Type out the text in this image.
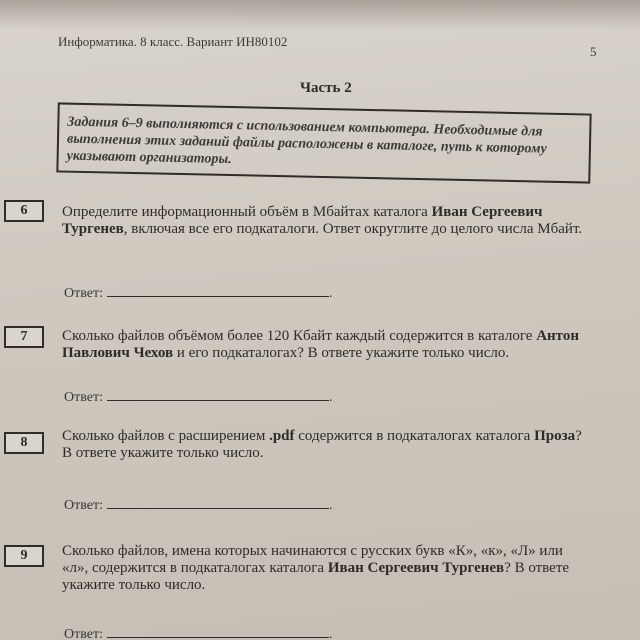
Информатика. 8 класс. Вариант ИН80102
5
Часть 2
Задания 6–9 выполняются с использованием компьютера. Необходимые для выполнения этих заданий файлы расположены в каталоге, путь к которому указывают организаторы.
6	Определите информационный объём в Мбайтах каталога Иван Сергеевич Тургенев, включая все его подкаталоги. Ответ округлите до целого числа Мбайт.
Ответ:	.
7	Сколько файлов объёмом более 120 Кбайт каждый содержится в каталоге Антон Павлович Чехов и его подкаталогах? В ответе укажите только число.
Ответ:	.
8	Сколько файлов с расширением .pdf содержится в подкаталогах каталога Проза? В ответе укажите только число.
Ответ:	.
9	Сколько файлов, имена которых начинаются с русских букв «К», «к», «Л» или «л», содержится в подкаталогах каталога Иван Сергеевич Тургенев? В ответе укажите только число.
Ответ:	.
